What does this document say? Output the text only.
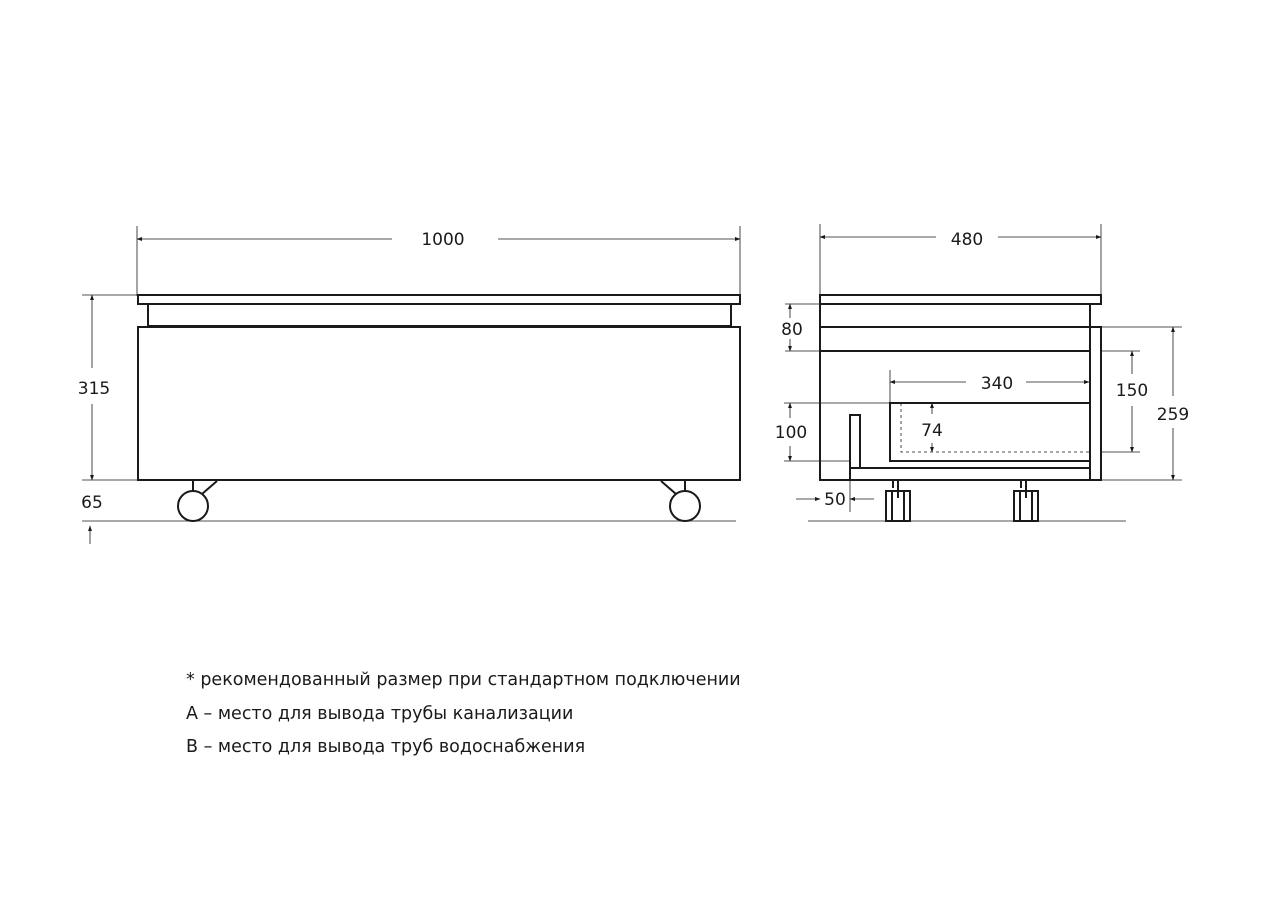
1000
315
65
480
80
340	150
259
100	74
50
* рекомендованный размер при стандартном подключении
А – место для вывода трубы канализации
В – место для вывода труб водоснабжения
